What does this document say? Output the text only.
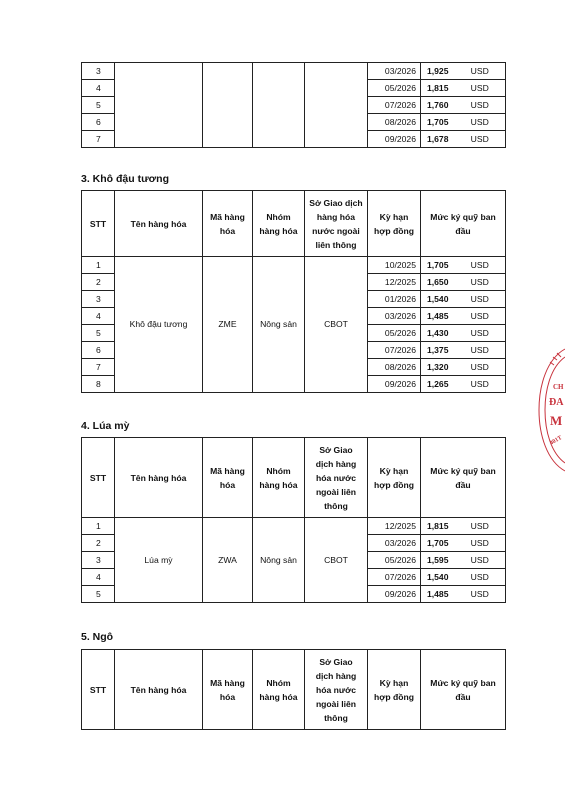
3					03/2026	1,925	USD
4					05/2026	1,815	USD
5					07/2026	1,760	USD
6					08/2026	1,705	USD
7					09/2026	1,678	USD
3. Khô đậu tương
STT	Tên hàng hóa	Mã hàng hóa	Nhóm hàng hóa	Sở Giao dịch hàng hóa nước ngoài liên thông	Kỳ hạn hợp đồng	Mức ký quỹ ban đầu	
1	Khô đậu tương	ZME	Nông sản	CBOT	10/2025	1,705	USD
2					12/2025	1,650	USD
3					01/2026	1,540	USD
4					03/2026	1,485	USD
5					05/2026	1,430	USD
6					07/2026	1,375	USD
7					08/2026	1,320	USD
8					09/2026	1,265	USD
4. Lúa mỳ
STT	Tên hàng hóa	Mã hàng hóa	Nhóm hàng hóa	Sở Giao dịch hàng hóa nước ngoài liên thông	Kỳ hạn hợp đồng	Mức ký quỹ ban đầu	
1	Lúa mỳ	ZWA	Nông sản	CBOT	12/2025	1,815	USD
2					03/2026	1,705	USD
3					05/2026	1,595	USD
4					07/2026	1,540	USD
5					09/2026	1,485	USD
5. Ngô
STT	Tên hàng hóa	Mã hàng hóa	Nhóm hàng hóa	Sở Giao dịch hàng hóa nước ngoài liên thông	Kỳ hạn hợp đồng	Mức ký quỹ ban đầu
CH
ĐA
M
401T
